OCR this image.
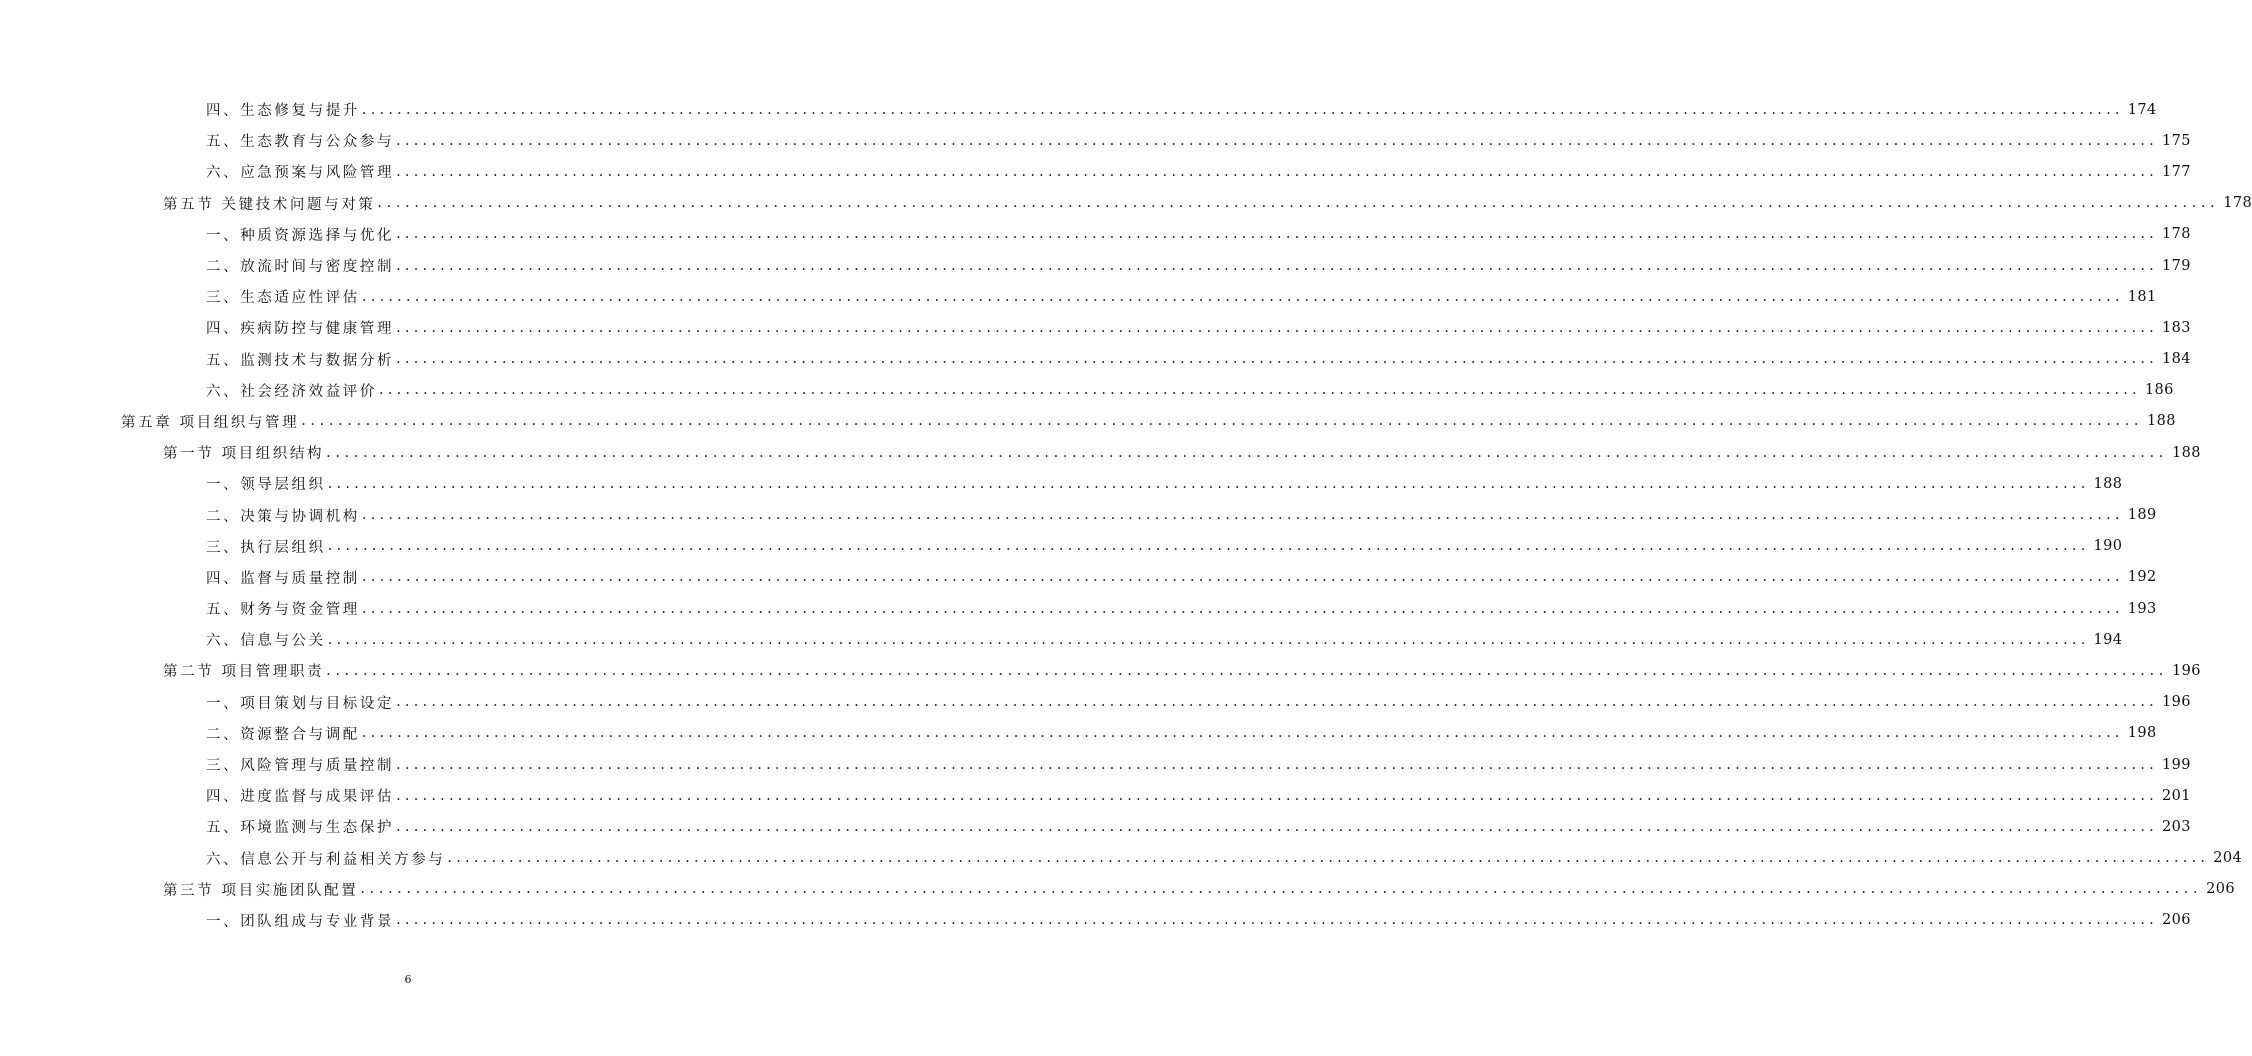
四、生态修复与提升 ........................................................................................................................................................................................................ 174
五、生态教育与公众参与 ........................................................................................................................................................................................................ 175
六、应急预案与风险管理 ........................................................................................................................................................................................................ 177
第五节 关键技术问题与对策 ........................................................................................................................................................................................................ 178
一、种质资源选择与优化 ........................................................................................................................................................................................................ 178
二、放流时间与密度控制 ........................................................................................................................................................................................................ 179
三、生态适应性评估 ........................................................................................................................................................................................................ 181
四、疾病防控与健康管理 ........................................................................................................................................................................................................ 183
五、监测技术与数据分析 ........................................................................................................................................................................................................ 184
六、社会经济效益评价 ........................................................................................................................................................................................................ 186
第五章 项目组织与管理 ........................................................................................................................................................................................................ 188
第一节 项目组织结构 ........................................................................................................................................................................................................ 188
一、领导层组织 ........................................................................................................................................................................................................ 188
二、决策与协调机构 ........................................................................................................................................................................................................ 189
三、执行层组织 ........................................................................................................................................................................................................ 190
四、监督与质量控制 ........................................................................................................................................................................................................ 192
五、财务与资金管理 ........................................................................................................................................................................................................ 193
六、信息与公关 ........................................................................................................................................................................................................ 194
第二节 项目管理职责 ........................................................................................................................................................................................................ 196
一、项目策划与目标设定 ........................................................................................................................................................................................................ 196
二、资源整合与调配 ........................................................................................................................................................................................................ 198
三、风险管理与质量控制 ........................................................................................................................................................................................................ 199
四、进度监督与成果评估 ........................................................................................................................................................................................................ 201
五、环境监测与生态保护 ........................................................................................................................................................................................................ 203
六、信息公开与利益相关方参与 ........................................................................................................................................................................................................ 204
第三节 项目实施团队配置 ........................................................................................................................................................................................................ 206
一、团队组成与专业背景 ........................................................................................................................................................................................................ 206
6
